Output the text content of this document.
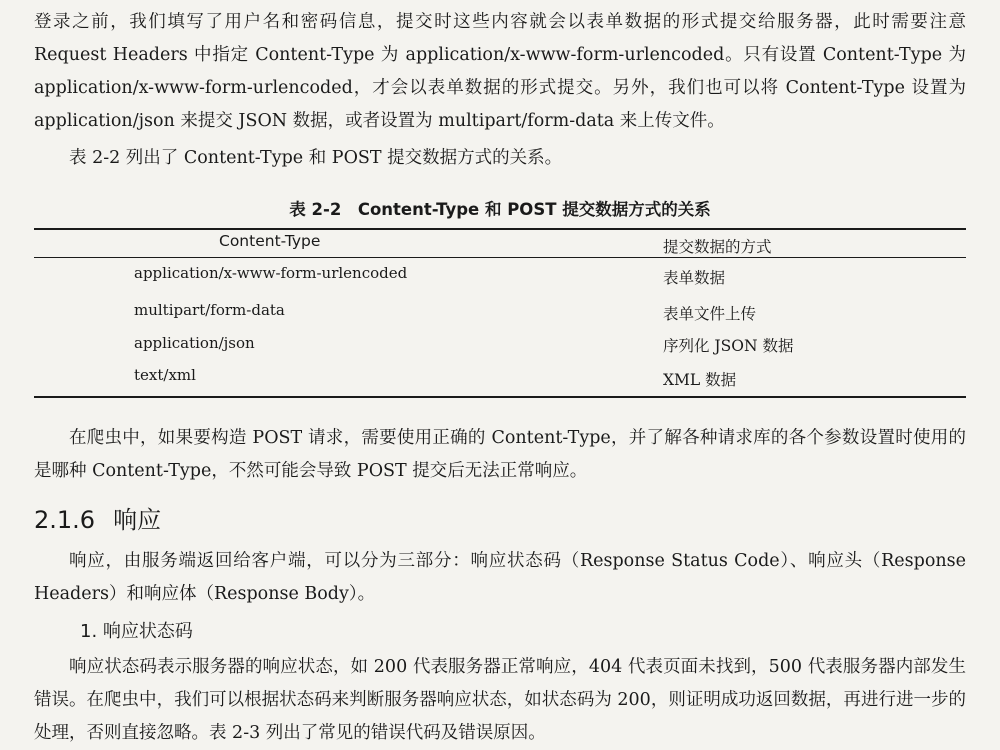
登录之前，我们填写了用户名和密码信息，提交时这些内容就会以表单数据的形式提交给服务器，此时需要注意 Request Headers 中指定 Content-Type 为 application/x-www-form-urlencoded。只有设置 Content-Type 为 application/x-www-form-urlencoded，才会以表单数据的形式提交。另外，我们也可以将 Content-Type 设置为 application/json 来提交 JSON 数据，或者设置为 multipart/form-data 来上传文件。

表 2-2 列出了 Content-Type 和 POST 提交数据方式的关系。

表 2-2　Content-Type 和 POST 提交数据方式的关系
Content-Type	提交数据的方式
application/x-www-form-urlencoded	表单数据
multipart/form-data	表单文件上传
application/json	序列化 JSON 数据
text/xml	XML 数据

在爬虫中，如果要构造 POST 请求，需要使用正确的 Content-Type，并了解各种请求库的各个参数设置时使用的是哪种 Content-Type，不然可能会导致 POST 提交后无法正常响应。

2.1.6 响应

响应，由服务端返回给客户端，可以分为三部分：响应状态码（Response Status Code）、响应头（Response Headers）和响应体（Response Body）。

1. 响应状态码

响应状态码表示服务器的响应状态，如 200 代表服务器正常响应，404 代表页面未找到，500 代表服务器内部发生错误。在爬虫中，我们可以根据状态码来判断服务器响应状态，如状态码为 200，则证明成功返回数据，再进行进一步的处理，否则直接忽略。表 2-3 列出了常见的错误代码及错误原因。
